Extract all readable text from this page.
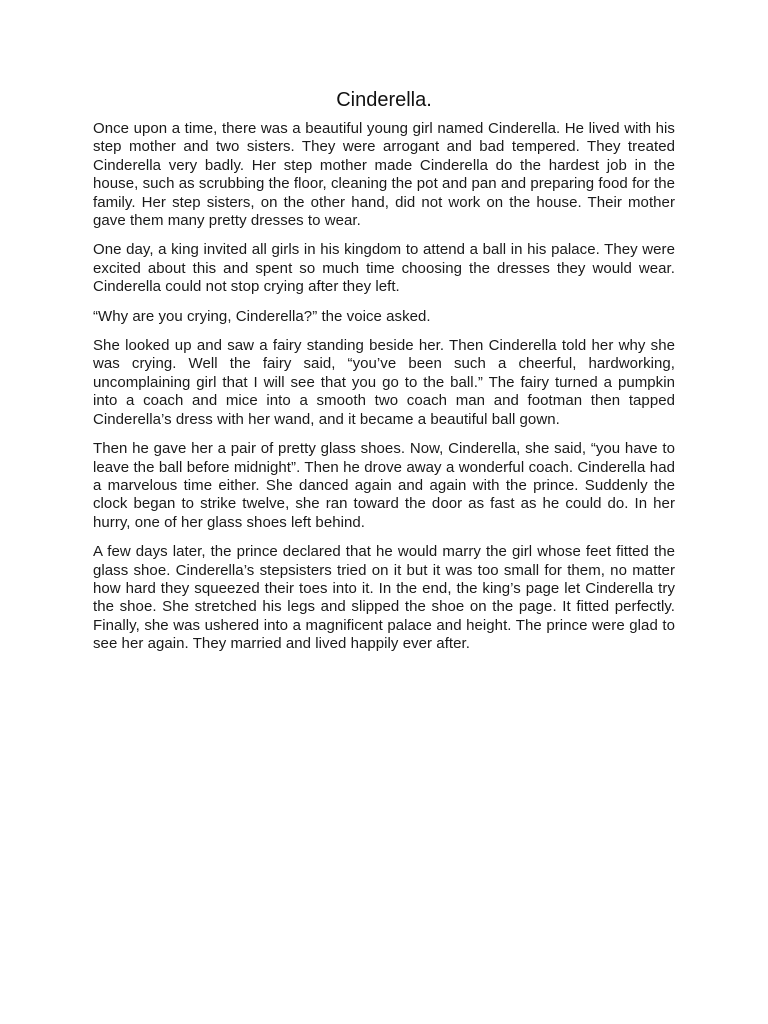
Cinderella.

Once upon a time, there was a beautiful young girl named Cinderella. He lived with his step mother and two sisters. They were arrogant and bad tempered. They treated Cinderella very badly. Her step mother made Cinderella do the hardest job in the house, such as scrubbing the floor, cleaning the pot and pan and preparing food for the family. Her step sisters, on the other hand, did not work on the house. Their mother gave them many pretty dresses to wear.

One day, a king invited all girls in his kingdom to attend a ball in his palace. They were excited about this and spent so much time choosing the dresses they would wear. Cinderella could not stop crying after they left.

“Why are you crying, Cinderella?” the voice asked.

She looked up and saw a fairy standing beside her. Then Cinderella told her why she was crying. Well the fairy said, “you’ve been such a cheerful, hardworking, uncomplaining girl that I will see that you go to the ball.” The fairy turned a pumpkin into a coach and mice into a smooth two coach man and footman then tapped Cinderella’s dress with her wand, and it became a beautiful ball gown.

Then he gave her a pair of pretty glass shoes. Now, Cinderella, she said, “you have to leave the ball before midnight”. Then he drove away a wonderful coach. Cinderella had a marvelous time either. She danced again and again with the prince. Suddenly the clock began to strike twelve, she ran toward the door as fast as he could do. In her hurry, one of her glass shoes left behind.

A few days later, the prince declared that he would marry the girl whose feet fitted the glass shoe. Cinderella’s stepsisters tried on it but it was too small for them, no matter how hard they squeezed their toes into it. In the end, the king’s page let Cinderella try the shoe. She stretched his legs and slipped the shoe on the page. It fitted perfectly. Finally, she was ushered into a magnificent palace and height. The prince were glad to see her again. They married and lived happily ever after.
